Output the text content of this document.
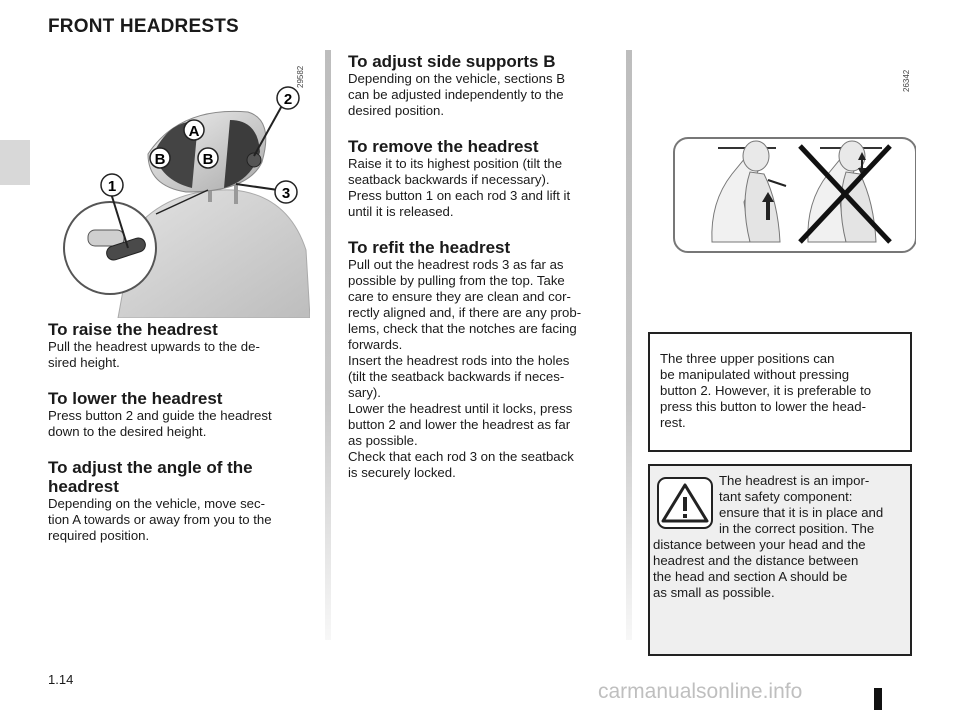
FRONT HEADRESTS
A
B B
1
2
3
29582
To raise the headrest

Pull the headrest upwards to the de-
sired height.

To lower the headrest

Press button 2 and guide the headrest
down to the desired height.

To adjust the angle of the headrest

Depending on the vehicle, move sec-
tion A towards or away from you to the
required position.

To adjust side supports B

Depending on the vehicle, sections B
can be adjusted independently to the
desired position.

To remove the headrest

Raise it to its highest position (tilt the
seatback backwards if necessary).
Press button 1 on each rod 3 and lift it
until it is released.

To refit the headrest

Pull out the headrest rods 3 as far as
possible by pulling from the top. Take
care to ensure they are clean and cor-
rectly aligned and, if there are any prob-
lems, check that the notches are facing
forwards.
Insert the headrest rods into the holes
(tilt the seatback backwards if neces-
sary).
Lower the headrest until it locks, press
button 2 and lower the headrest as far
as possible.
Check that each rod 3 on the seatback
is securely locked.

26342
The three upper positions can
be manipulated without pressing
button 2. However, it is preferable to
press this button to lower the head-
rest.

The headrest is an impor-
tant safety component:
ensure that it is in place and
in the correct position. The
distance between your head and the
headrest and the distance between
the head and section A should be
as small as possible.

1.14
carmanualsonline.info
